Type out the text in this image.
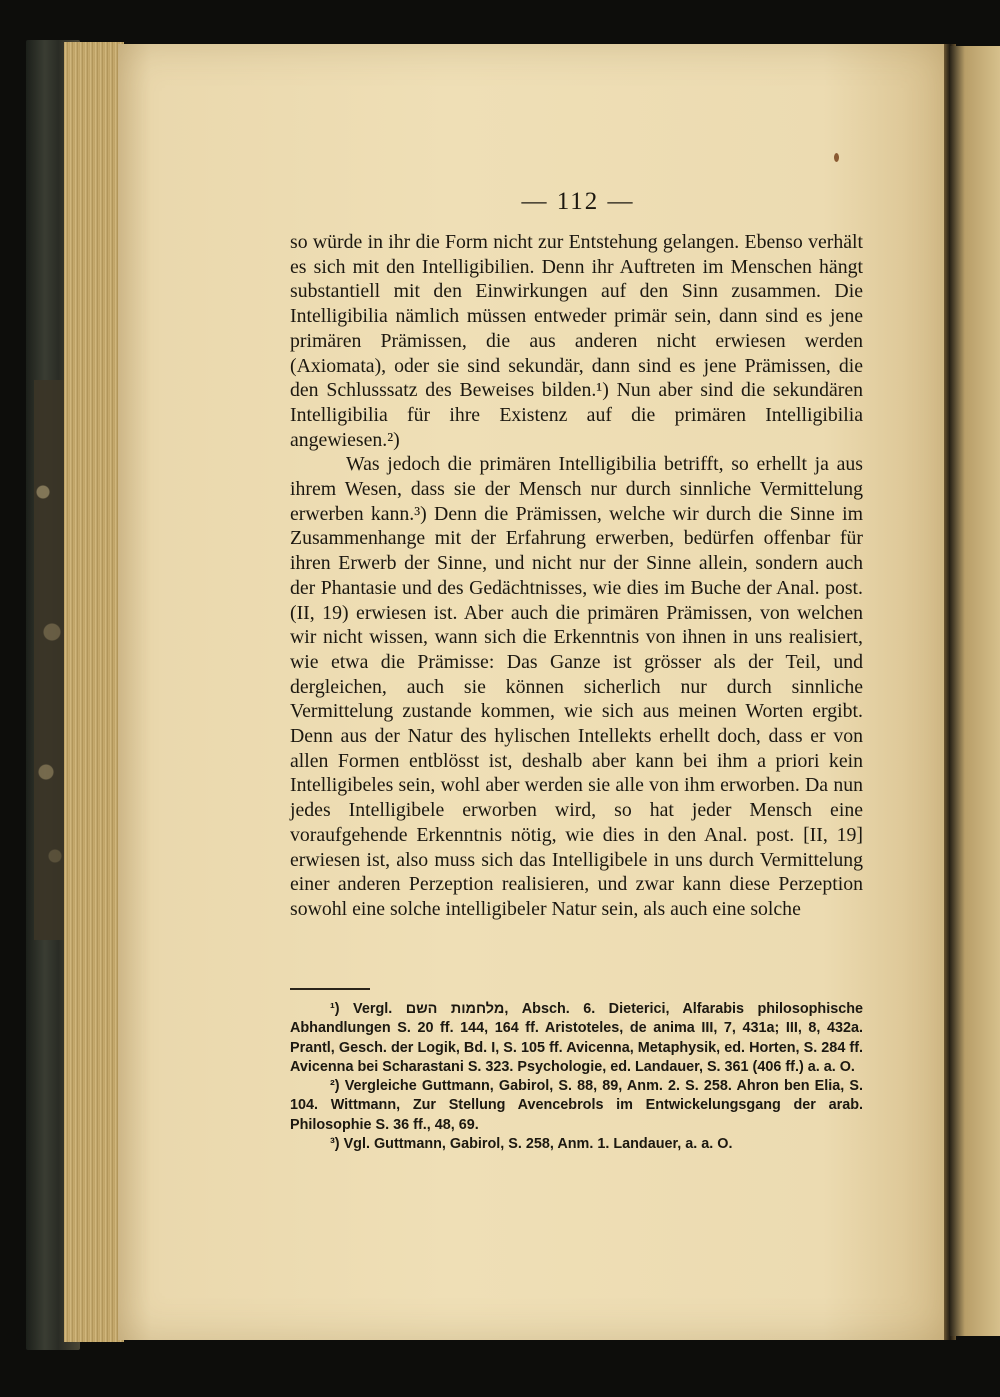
— 112 —

so würde in ihr die Form nicht zur Entstehung gelangen. Ebenso verhält es sich mit den Intelligibilien. Denn ihr Auftreten im Menschen hängt substantiell mit den Einwirkungen auf den Sinn zusammen. Die Intelligibilia nämlich müssen entweder primär sein, dann sind es jene primären Prämissen, die aus anderen nicht erwiesen werden (Axiomata), oder sie sind sekundär, dann sind es jene Prämissen, die den Schlusssatz des Beweises bilden.¹) Nun aber sind die sekundären Intelligibilia für ihre Existenz auf die primären Intelligibilia angewiesen.²)

Was jedoch die primären Intelligibilia betrifft, so erhellt ja aus ihrem Wesen, dass sie der Mensch nur durch sinnliche Vermittelung erwerben kann.³) Denn die Prämissen, welche wir durch die Sinne im Zusammenhange mit der Erfahrung erwerben, bedürfen offenbar für ihren Erwerb der Sinne, und nicht nur der Sinne allein, sondern auch der Phantasie und des Gedächtnisses, wie dies im Buche der Anal. post. (II, 19) erwiesen ist. Aber auch die primären Prämissen, von welchen wir nicht wissen, wann sich die Erkenntnis von ihnen in uns realisiert, wie etwa die Prämisse: Das Ganze ist grösser als der Teil, und dergleichen, auch sie können sicherlich nur durch sinnliche Vermittelung zustande kommen, wie sich aus meinen Worten ergibt. Denn aus der Natur des hylischen Intellekts erhellt doch, dass er von allen Formen entblösst ist, deshalb aber kann bei ihm a priori kein Intelligibeles sein, wohl aber werden sie alle von ihm erworben. Da nun jedes Intelligibele erworben wird, so hat jeder Mensch eine voraufgehende Erkenntnis nötig, wie dies in den Anal. post. [II, 19] erwiesen ist, also muss sich das Intelligibele in uns durch Vermittelung einer anderen Perzeption realisieren, und zwar kann diese Perzeption sowohl eine solche intelligibeler Natur sein, als auch eine solche

¹) Vergl. מלחמות השם, Absch. 6. Dieterici, Alfarabis philosophische Abhandlungen S. 20 ff. 144, 164 ff. Aristoteles, de anima III, 7, 431a; III, 8, 432a. Prantl, Gesch. der Logik, Bd. I, S. 105 ff. Avicenna, Metaphysik, ed. Horten, S. 284 ff. Avicenna bei Scharastani S. 323. Psychologie, ed. Landauer, S. 361 (406 ff.) a. a. O.

²) Vergleiche Guttmann, Gabirol, S. 88, 89, Anm. 2. S. 258. Ahron ben Elia, S. 104. Wittmann, Zur Stellung Avencebrols im Entwickelungsgang der arab. Philosophie S. 36 ff., 48, 69.

³) Vgl. Guttmann, Gabirol, S. 258, Anm. 1. Landauer, a. a. O.
